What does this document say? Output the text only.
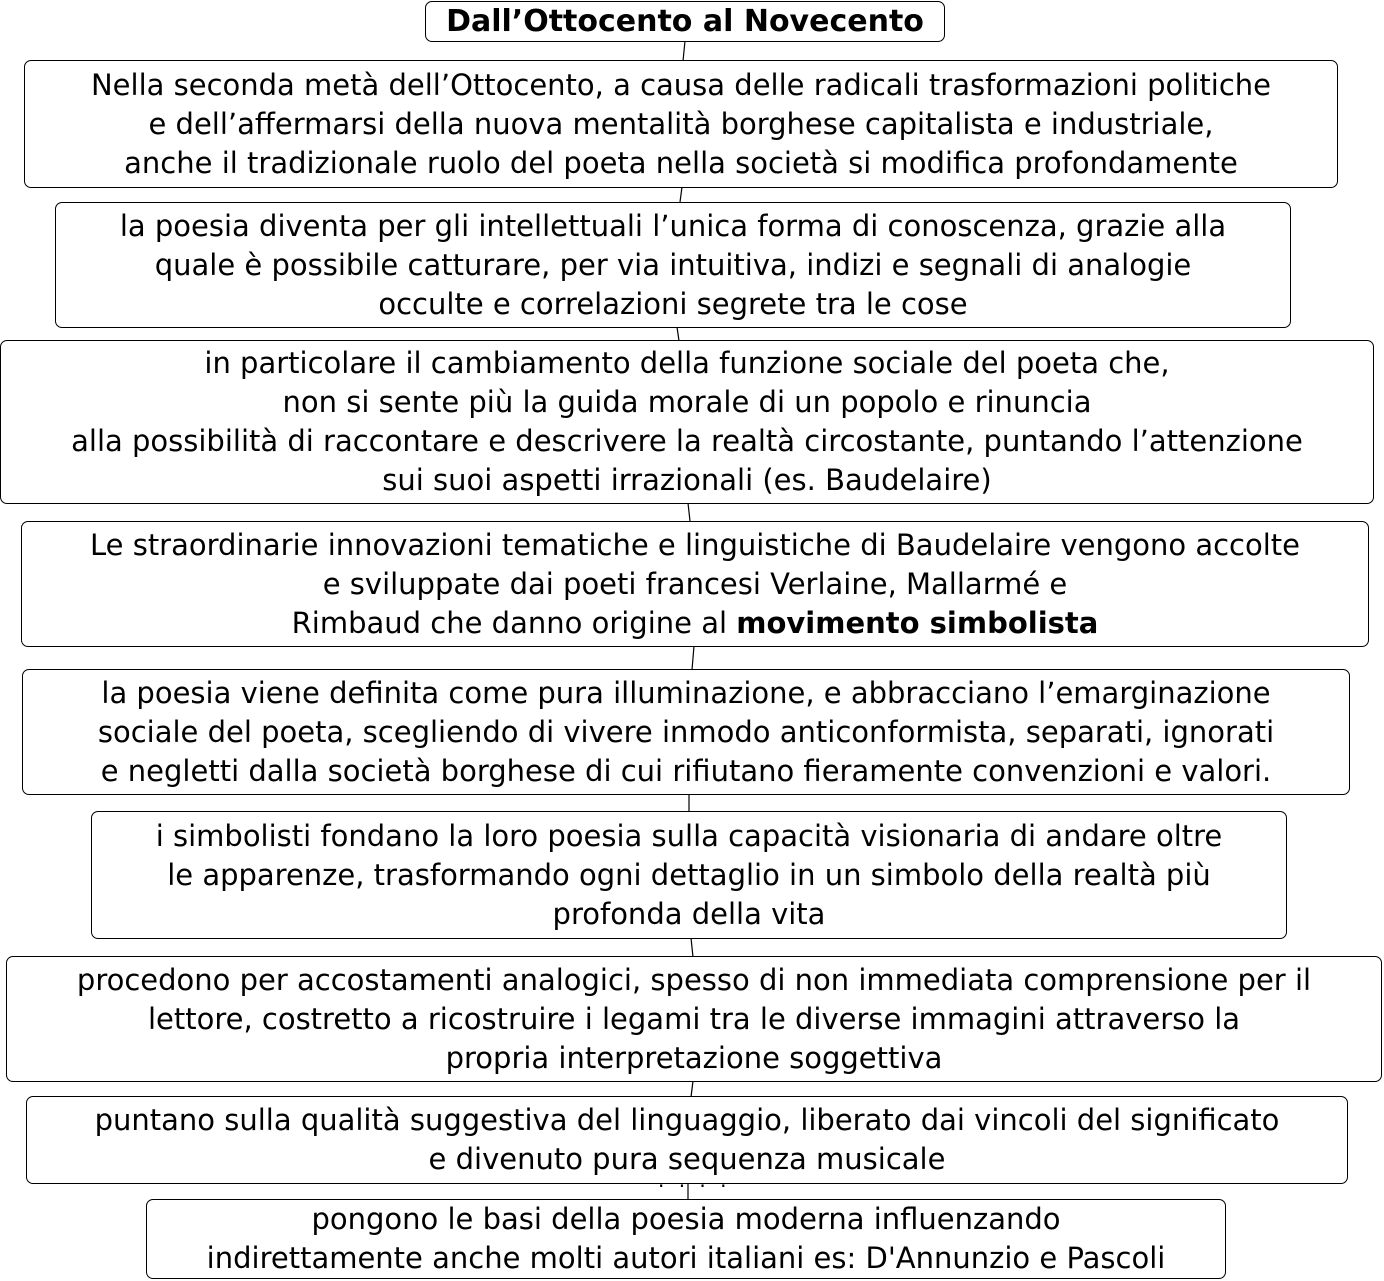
Dall’Ottocento al Novecento
Nella seconda metà dell’Ottocento, a causa delle radicali trasformazioni politiche
e dell’affermarsi della nuova mentalità borghese capitalista e industriale,
anche il tradizionale ruolo del poeta nella società si modifica profondamente
la poesia diventa per gli intellettuali l’unica forma di conoscenza, grazie alla
quale è possibile catturare, per via intuitiva, indizi e segnali di analogie
occulte e correlazioni segrete tra le cose
in particolare il cambiamento della funzione sociale del poeta che,
non si sente più la guida morale di un popolo e rinuncia
alla possibilità di raccontare e descrivere la realtà circostante, puntando l’attenzione
sui suoi aspetti irrazionali (es. Baudelaire)
Le straordinarie innovazioni tematiche e linguistiche di Baudelaire vengono accolte
e sviluppate dai poeti francesi Verlaine, Mallarmé e
Rimbaud che danno origine al movimento simbolista
la poesia viene definita come pura illuminazione, e abbracciano l’emarginazione
sociale del poeta, scegliendo di vivere inmodo anticonformista, separati, ignorati
e negletti dalla società borghese di cui rifiutano fieramente convenzioni e valori.
i simbolisti fondano la loro poesia sulla capacità visionaria di andare oltre
le apparenze, trasformando ogni dettaglio in un simbolo della realtà più
profonda della vita
procedono per accostamenti analogici, spesso di non immediata comprensione per il
lettore, costretto a ricostruire i legami tra le diverse immagini attraverso la
propria interpretazione soggettiva
puntano sulla qualità suggestiva del linguaggio, liberato dai vincoli del significato
e divenuto pura sequenza musicale
· · · ·
pongono le basi della poesia moderna influenzando
indirettamente anche molti autori italiani es: D'Annunzio e Pascoli
